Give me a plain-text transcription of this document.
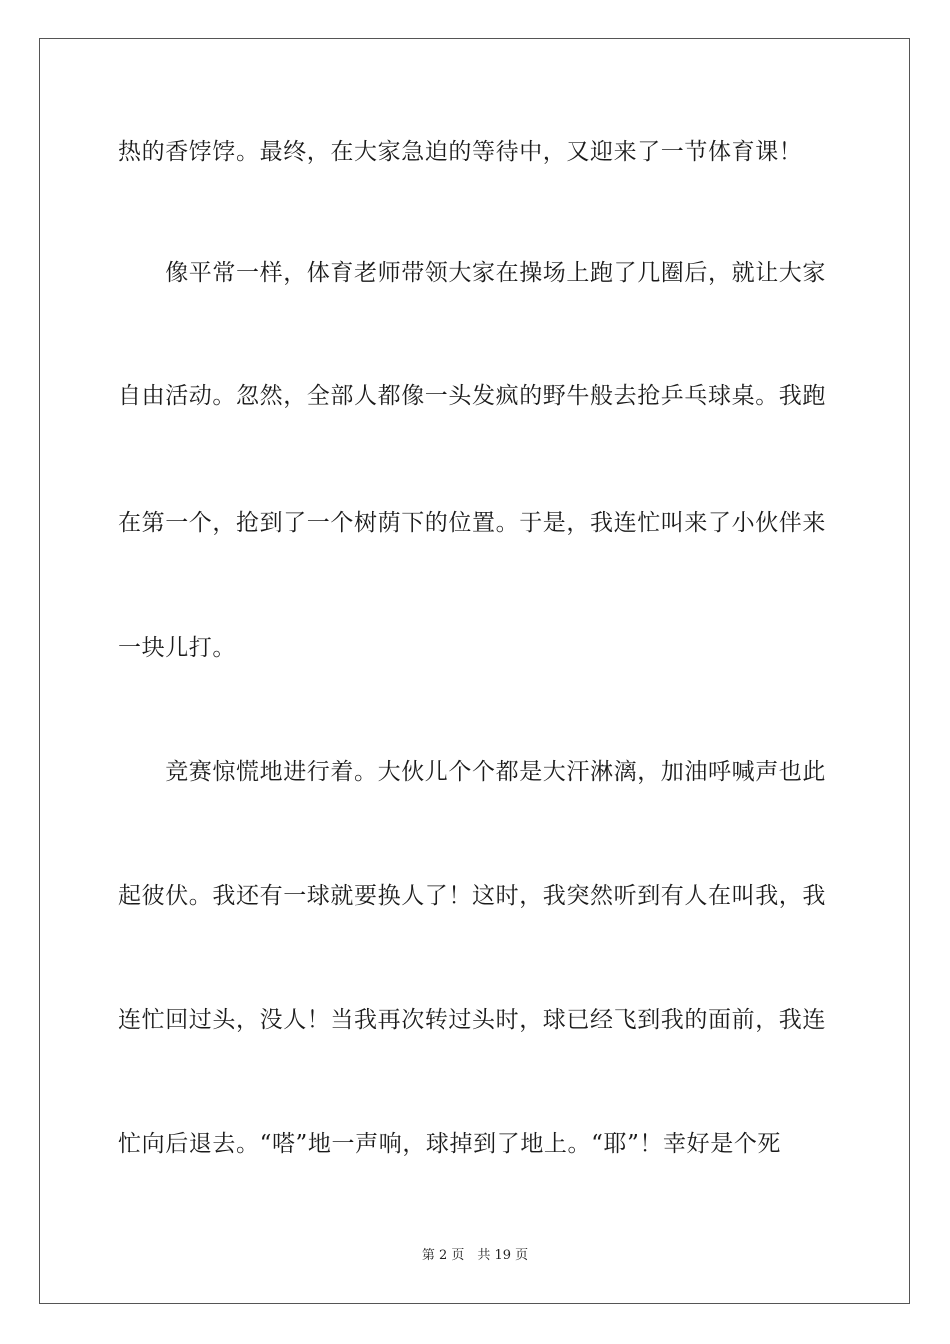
热的香饽饽。最终，在大家急迫的等待中，又迎来了一节体育课！
　　像平常一样，体育老师带领大家在操场上跑了几圈后，就让大家
自由活动。忽然，全部人都像一头发疯的野牛般去抢乒乓球桌。我跑
在第一个，抢到了一个树荫下的位置。于是，我连忙叫来了小伙伴来
一块儿打。
　　竞赛惊慌地进行着。大伙儿个个都是大汗淋漓，加油呼喊声也此
起彼伏。我还有一球就要换人了！这时，我突然听到有人在叫我，我
连忙回过头，没人！当我再次转过头时，球已经飞到我的面前，我连
忙向后退去。“嗒”地一声响，球掉到了地上。“耶”！幸好是个死
第 2 页　共 19 页
